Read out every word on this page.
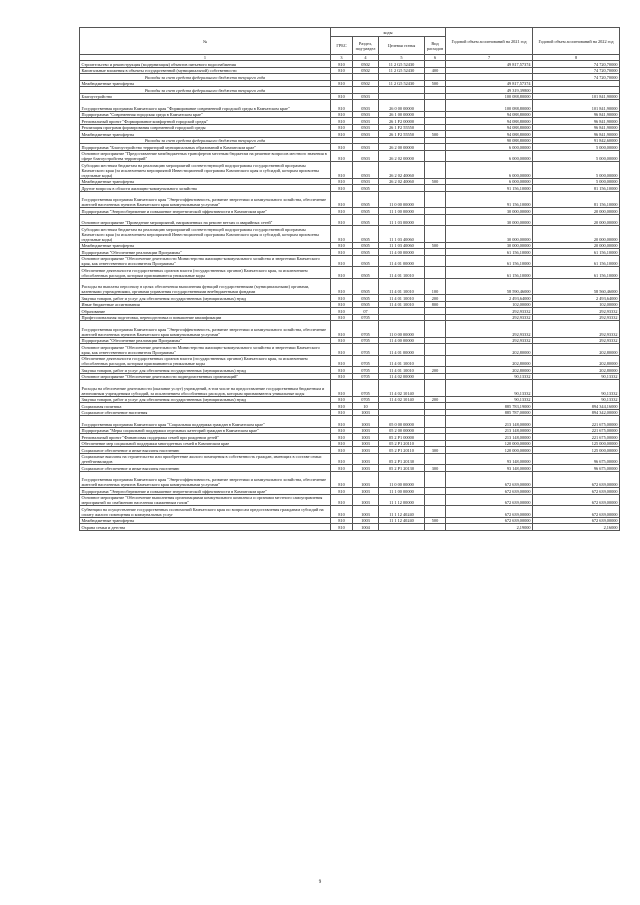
№	коды				Годовой объем ассигнований на 2021 год	Годовой объем ассигнований на 2022 год
	ГРБС	Раздел, под-раздел	Целевая статья	Вид расходов		
1	3	4	5	6	7	8
Строительство и реконструкция (модернизация) объектов питьевого водоснабжения	810	0502	11 2 G5 52430		49 817,57374	74 720,70000
Капитальные вложения в объекты государственной (муниципальной) собственности	810	0502	11 2 G5 52430	400		74 720,70000
Расходы за счет средств федерального бюджета текущего года						74 720,70000
Межбюджетные трансферты	810	0502	11 2 G5 52430	500	49 817,57374	
Расходы за счет средств федерального бюджета текущего года					49 319,39800	
Благоустройство	810	0503			100 088,80000	101 841,90000
Государственная программа Камчатского края "Формирование современной городской среды в Камчатском крае"	810	0503	26 0 00 00000		100 088,80000	101 841,90000
Подпрограмма "Современная городская среда в Камчатском крае"	810	0503	26 1 00 00000		94 088,80000	96 841,90000
Региональный проект "Формирование комфортной городской среды"	810	0503	26 1 F2 00000		94 088,80000	96 841,90000
Реализация программ формирования современной городской среды	810	0503	26 1 F2 55550		94 088,80000	96 841,90000
Межбюджетные трансферты	810	0503	26 1 F2 55550	500	94 088,80000	96 841,90000
Расходы за счет средств федерального бюджета текущего года					90 088,80000	91 842,60000
Подпрограмма "Благоустройство территорий муниципальных образований в Камчатском крае"	810	0503	26 2 00 00000		6 000,00000	5 000,00000
Основное мероприятие "Предоставление межбюджетных трансфертов местным бюджетам на решение вопросов местного значения в сфере благоустройства территорий"	810	0503	26 2 02 00000		6 000,00000	5 000,00000
Субсидии местным бюджетам на реализацию мероприятий соответствующей подпрограммы государственной программы Камчатского края (за исключением мероприятий Инвестиционной программы Камчатского края и субсидий, которым присвоены отдельные коды)	810	0503	26 2 02 40060		6 000,00000	5 000,00000
Межбюджетные трансферты	810	0503	26 2 02 40060	500	6 000,00000	5 000,00000
Другие вопросы в области жилищно-коммунального хозяйства	810	0505			91 156,10000	81 156,10000
Государственная программа Камчатского края "Энергоэффективность, развитие энергетики и коммунального хозяйства, обеспечение жителей населенных пунктов Камчатского края коммунальными услугами"	810	0505	11 0 00 00000		91 156,10000	81 156,10000
Подпрограмма "Энергосбережение и повышение энергетической эффективности в Камчатском крае"	810	0505	11 1 00 00000		30 000,00000	20 000,00000
Основное мероприятие "Проведение мероприятий, направленных на ремонт ветхих и аварийных сетей"	810	0505	11 1 03 00000		30 000,00000	20 000,00000
Субсидии местным бюджетам на реализацию мероприятий соответствующей подпрограммы государственной программы Камчатского края (за исключением мероприятий Инвестиционной программы Камчатского края и субсидий, которым присвоены отдельные коды)	810	0505	11 1 03 40060		30 000,00000	20 000,00000
Межбюджетные трансферты	810	0505	11 1 03 40060	500	30 000,00000	20 000,00000
Подпрограмма "Обеспечение реализации Программы"	810	0505	11 4 00 00000		61 156,10000	61 156,10000
Основное мероприятие "Обеспечение деятельности Министерства жилищно-коммунального хозяйства и энергетики Камчатского края, как ответственного исполнителя Программы"	810	0505	11 4 01 00000		61 156,10000	61 156,10000
Обеспечение деятельности государственных органов власти (государственных органов) Камчатского края, за исключением обособленных расходов, которым присваиваются уникальные коды	810	0505	11 4 01 10010		61 156,10000	61 156,10000
Расходы на выплаты персоналу в целях обеспечения выполнения функций государственными (муниципальными) органами, казенными учреждениями, органами управления государственными внебюджетными фондами	810	0505	11 4 01 10010	100	58 590,46000	58 560,46000
Закупка товаров, работ и услуг для обеспечения государственных (муниципальных) нужд	810	0505	11 4 01 10010	200	2 493,64000	2 493,64000
Иные бюджетные ассигнования	810	0505	11 4 01 10010	800	102,00000	102,00000
Образование	810	07			292,93332	292,93332
Профессиональная подготовка, переподготовка и повышение квалификации	810	0705			292,93332	292,93332
Государственная программа Камчатского края "Энергоэффективность, развитие энергетики и коммунального хозяйства, обеспечение жителей населенных пунктов Камчатского края коммунальными услугами"	810	0705	11 0 00 00000		292,93332	292,93332
Подпрограмма "Обеспечение реализации Программы"	810	0705	11 4 00 00000		292,93332	292,93332
Основное мероприятие "Обеспечение деятельности Министерства жилищно-коммунального хозяйства и энергетики Камчатского края, как ответственного исполнителя Программы"	810	0705	11 4 01 00000		202,80000	202,80000
Обеспечение деятельности государственных органов власти (государственных органов) Камчатского края, за исключением обособленных расходов, которым присваиваются уникальные коды	810	0705	11 4 01 10010		202,80000	202,80000
Закупка товаров, работ и услуг для обеспечения государственных (муниципальных) нужд	810	0705	11 4 01 10010	200	202,80000	202,80000
Основное мероприятие "Обеспечение деятельности подведомственных организаций"	810	0705	11 4 02 00000		90,13332	90,13332
Расходы на обеспечение деятельности (оказание услуг) учреждений, в том числе на предоставление государственным бюджетным и автономным учреждениям субсидий, за исключением обособленных расходов, которым присваиваются уникальные коды	810	0705	11 4 02 10140		90,13332	90,13332
Закупка товаров, работ и услуг для обеспечения государственных (муниципальных) нужд	810	0705	11 4 02 10140	200	90,13332	90,13332
Социальная политика	810	10			885 783,19000	894 344,16000
Социальное обеспечение населения	810	1003			885 787,00000	894 342,00000
Государственная программа Камчатского края "Социальная поддержка граждан в Камчатском крае"	810	1003	05 0 00 00000		213 148,00000	221 675,00000
Подпрограмма "Меры социальной поддержки отдельных категорий граждан в Камчатском крае"	810	1003	05 2 00 00000		213 148,00000	221 675,00000
Региональный проект "Финансовая поддержка семей при рождении детей"	810	1003	05 2 P1 00000		213 148,00000	221 675,00000
Обеспечение мер социальной поддержки многодетных семей в Камчатском крае	810	1003	05 2 P1 20110		120 000,00000	125 000,00000
Социальное обеспечение и иные выплаты населению	810	1003	05 2 P1 20110	300	120 000,00000	125 000,00000
Социальные выплаты на строительство или приобретение жилого помещения в собственность граждан, имеющих в составе семьи детей-инвалидов	810	1003	05 2 P1 20130		93 148,00000	96 675,00000
Социальное обеспечение и иные выплаты населению	810	1003	05 2 P1 20130	300	93 148,00000	96 675,00000
Государственная программа Камчатского края "Энергоэффективность, развитие энергетики и коммунального хозяйства, обеспечение жителей населенных пунктов Камчатского края коммунальными услугами"	810	1003	11 0 00 00000		672 639,00000	672 639,00000
Подпрограмма "Энергосбережение и повышение энергетической эффективности в Камчатском крае"	810	1003	11 1 00 00000		672 639,00000	672 639,00000
Основное мероприятие "Обеспечение выполнения организациями коммунального комплекса и органами местного самоуправления мероприятий по снабжению населения сжиженным газом"	810	1003	11 1 12 00000		672 639,00000	672 639,00000
Субвенции на осуществление государственных полномочий Камчатского края по вопросам предоставления гражданам субсидий на оплату жилого помещения и коммунальных услуг	810	1003	11 1 12 40240		672 639,00000	672 639,00000
Межбюджетные трансферты	810	1003	11 1 12 40240	500	672 639,00000	672 639,00000
Охрана семьи и детства	810	1004			2,19000	2,16000
9
